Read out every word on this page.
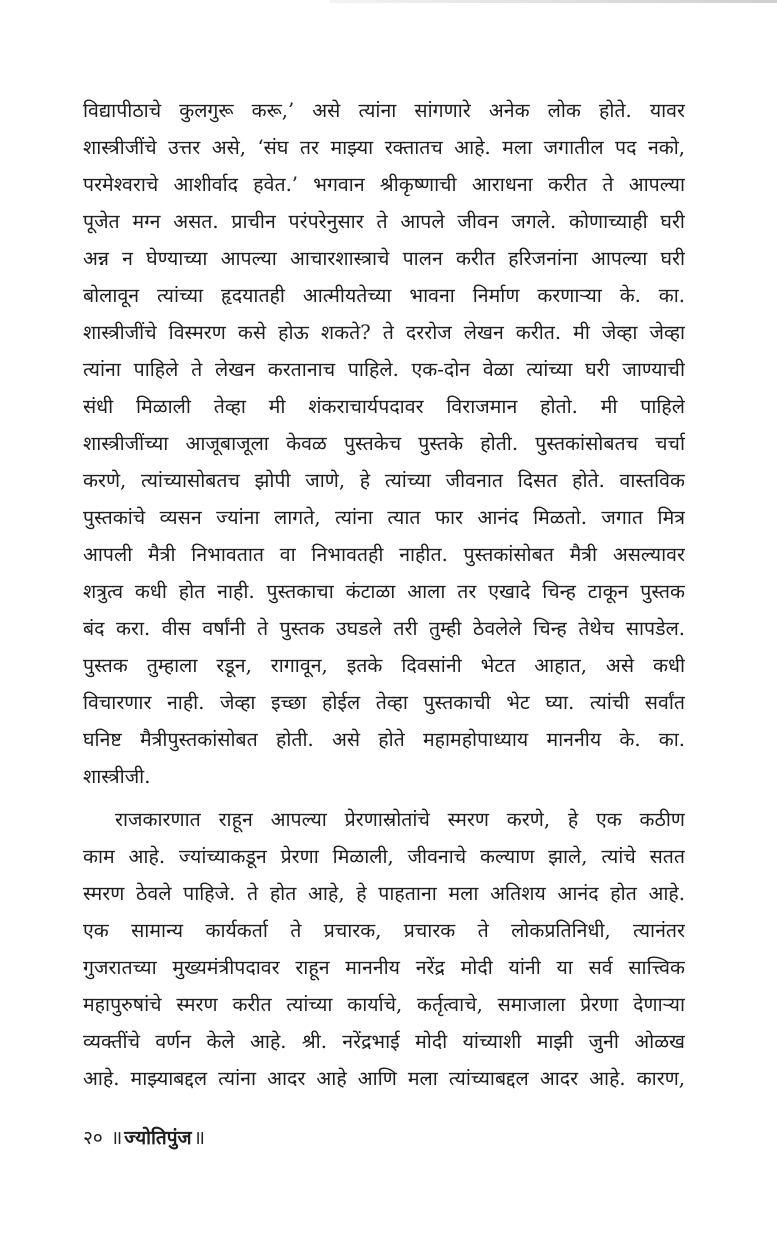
विद्यापीठाचे कुलगुरू करू,’ असे त्यांना सांगणारे अनेक लोक होते. यावर
शास्त्रीजींचे उत्तर असे, ‘संघ तर माझ्या रक्तातच आहे. मला जगातील पद नको,
परमेश्वराचे आशीर्वाद हवेत.’ भगवान श्रीकृष्णाची आराधना करीत ते आपल्या
पूजेत मग्न असत. प्राचीन परंपरेनुसार ते आपले जीवन जगले. कोणाच्याही घरी
अन्न न घेण्याच्या आपल्या आचारशास्त्राचे पालन करीत हरिजनांना आपल्या घरी
बोलावून त्यांच्या हृदयातही आत्मीयतेच्या भावना निर्माण करणाऱ्या के. का.
शास्त्रीजींचे विस्मरण कसे होऊ शकते? ते दररोज लेखन करीत. मी जेव्हा जेव्हा
त्यांना पाहिले ते लेखन करतानाच पाहिले. एक-दोन वेळा त्यांच्या घरी जाण्याची
संधी मिळाली तेव्हा मी शंकराचार्यपदावर विराजमान होतो. मी पाहिले
शास्त्रीजींच्या आजूबाजूला केवळ पुस्तकेच पुस्तके होती. पुस्तकांसोबतच चर्चा
करणे, त्यांच्यासोबतच झोपी जाणे, हे त्यांच्या जीवनात दिसत होते. वास्तविक
पुस्तकांचे व्यसन ज्यांना लागते, त्यांना त्यात फार आनंद मिळतो. जगात मित्र
आपली मैत्री निभावतात वा निभावतही नाहीत. पुस्तकांसोबत मैत्री असल्यावर
शत्रुत्व कधी होत नाही. पुस्तकाचा कंटाळा आला तर एखादे चिन्ह टाकून पुस्तक
बंद करा. वीस वर्षांनी ते पुस्तक उघडले तरी तुम्ही ठेवलेले चिन्ह तेथेच सापडेल.
पुस्तक तुम्हाला रडून, रागावून, इतके दिवसांनी भेटत आहात, असे कधी
विचारणार नाही. जेव्हा इच्छा होईल तेव्हा पुस्तकाची भेट घ्या. त्यांची सर्वांत
घनिष्ट मैत्रीपुस्तकांसोबत होती. असे होते महामहोपाध्याय माननीय के. का.
शास्त्रीजी.
राजकारणात राहून आपल्या प्रेरणास्रोतांचे स्मरण करणे, हे एक कठीण
काम आहे. ज्यांच्याकडून प्रेरणा मिळाली, जीवनाचे कल्याण झाले, त्यांचे सतत
स्मरण ठेवले पाहिजे. ते होत आहे, हे पाहताना मला अतिशय आनंद होत आहे.
एक सामान्य कार्यकर्ता ते प्रचारक, प्रचारक ते लोकप्रतिनिधी, त्यानंतर
गुजरातच्या मुख्यमंत्रीपदावर राहून माननीय नरेंद्र मोदी यांनी या सर्व सात्त्विक
महापुरुषांचे स्मरण करीत त्यांच्या कार्याचे, कर्तृत्वाचे, समाजाला प्रेरणा देणाऱ्या
व्यक्तींचे वर्णन केले आहे. श्री. नरेंद्रभाई मोदी यांच्याशी माझी जुनी ओळख
आहे. माझ्याबद्दल त्यांना आदर आहे आणि मला त्यांच्याबद्दल आदर आहे. कारण,
२० ॥ ज्योतिपुंज ॥
